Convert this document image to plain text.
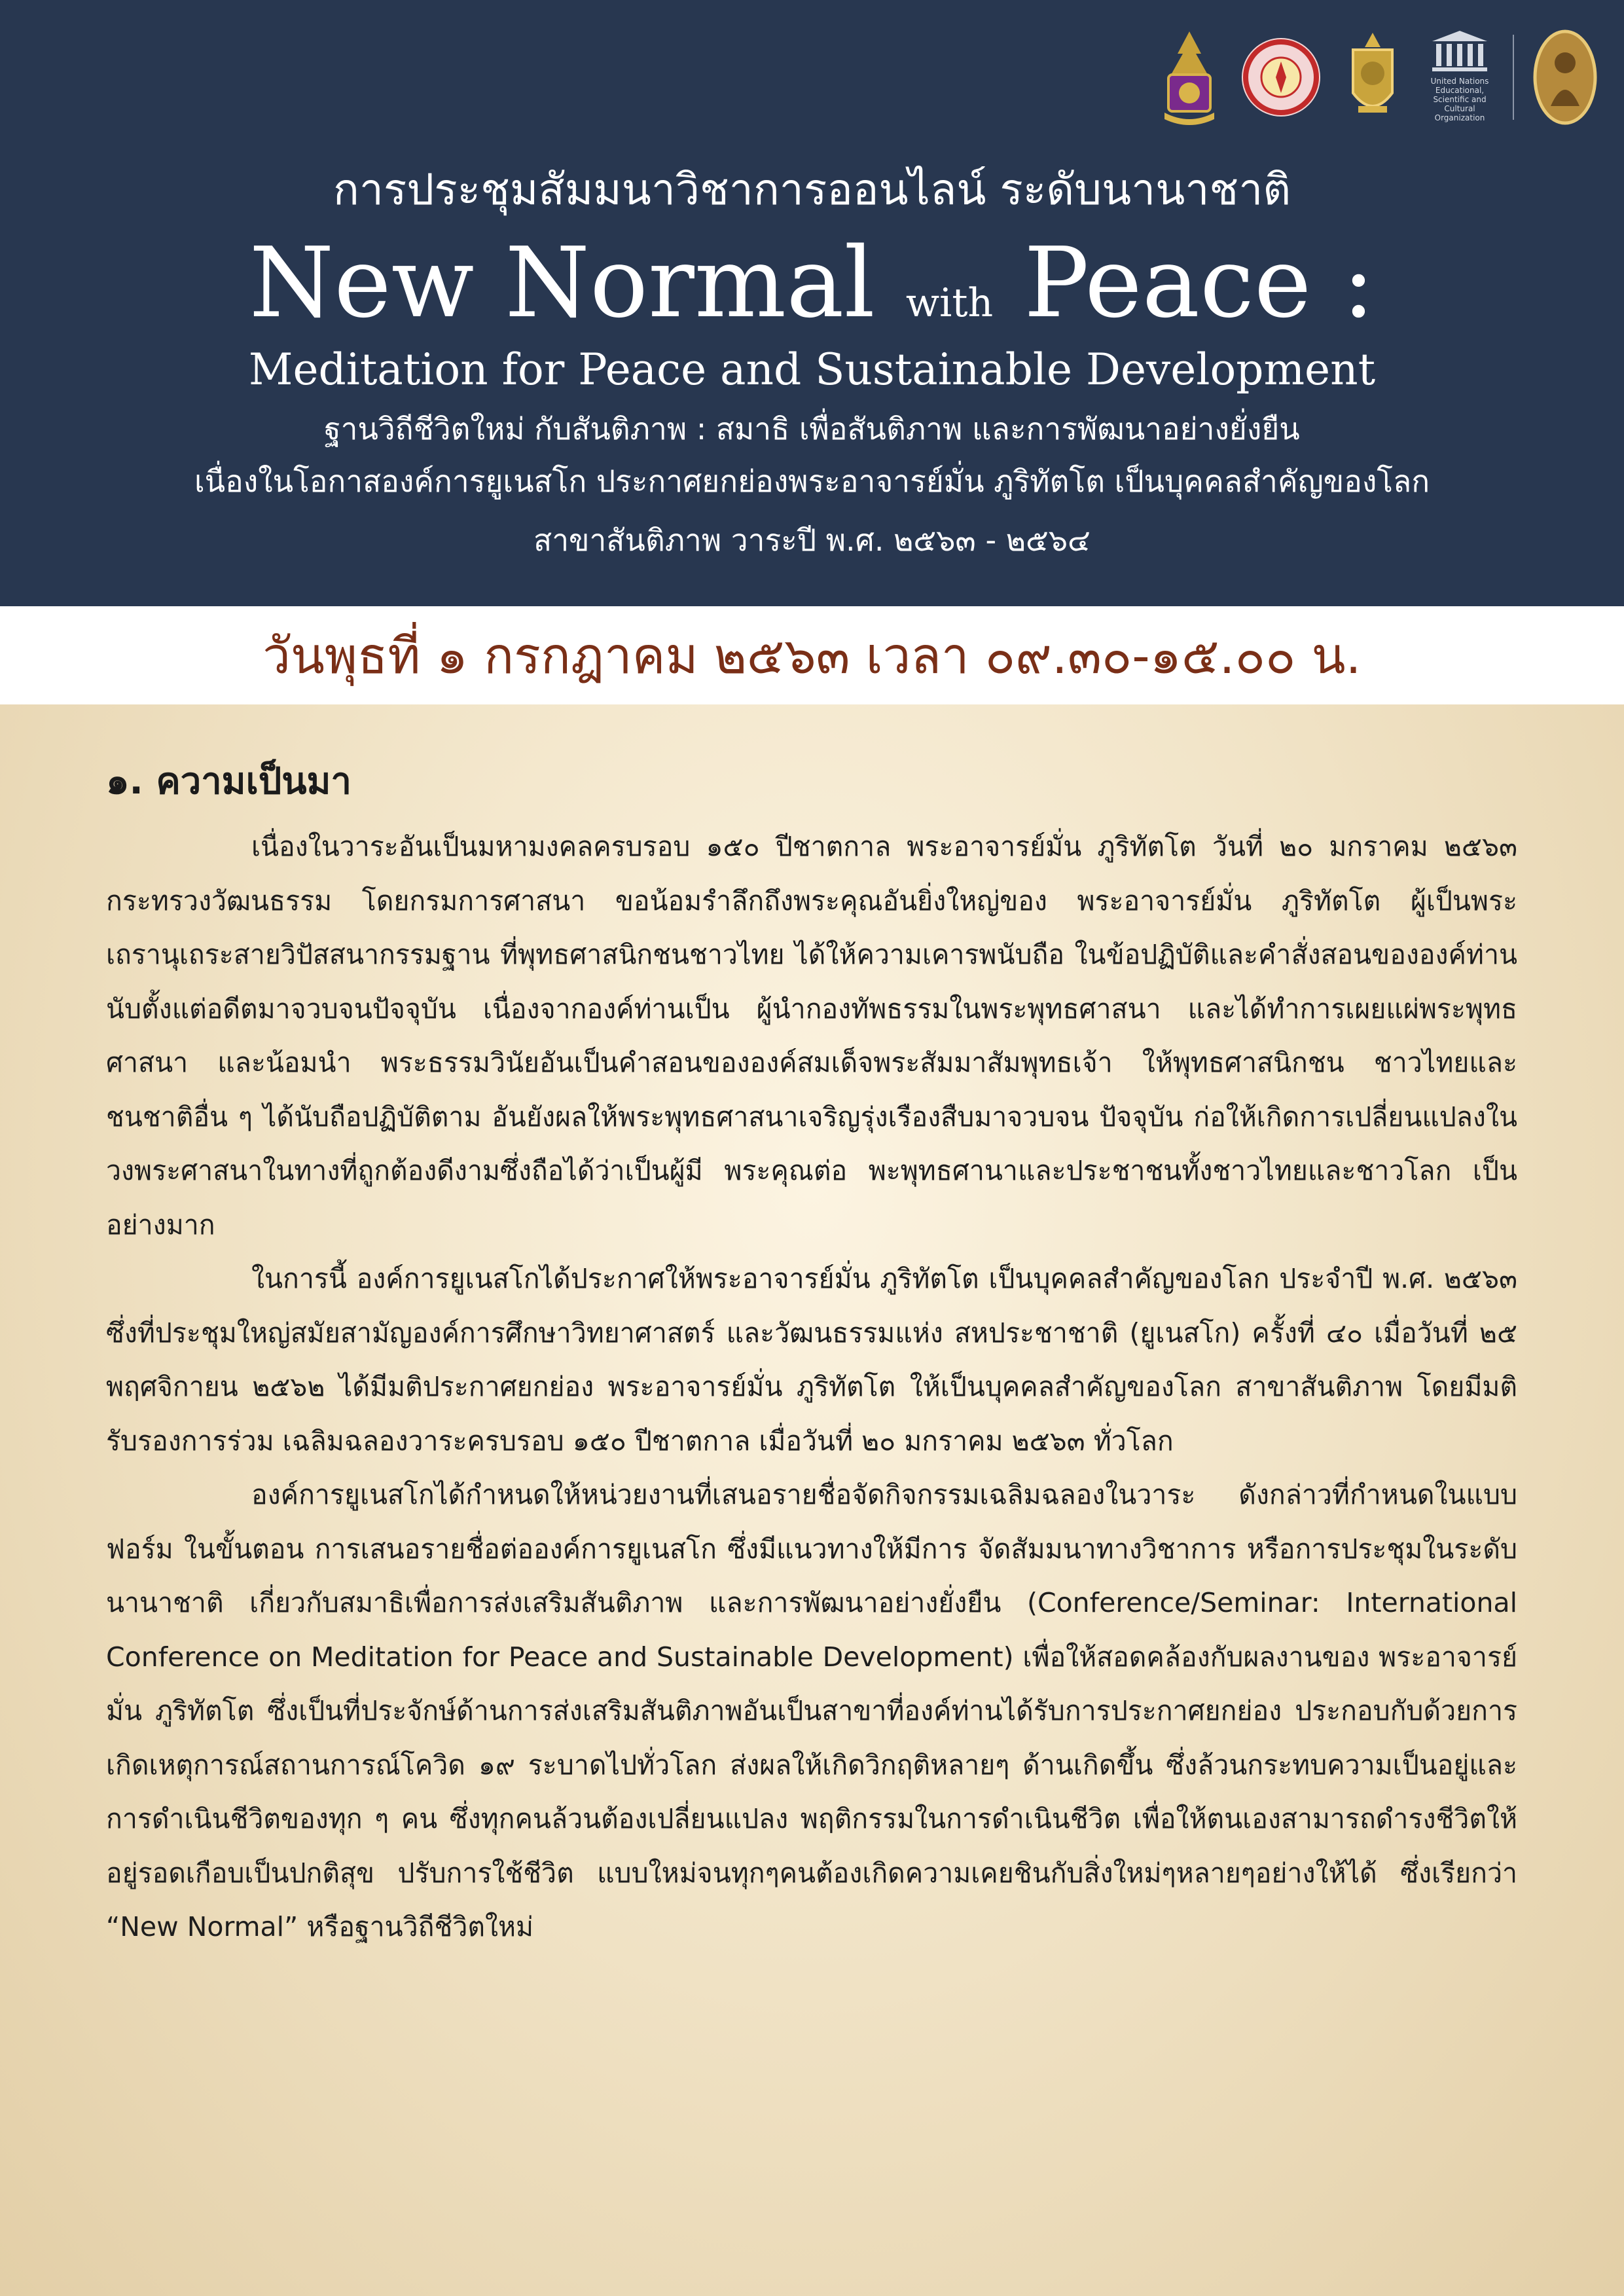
United Nations Educational, Scientific and Cultural Organization
การประชุมสัมมนาวิชาการออนไลน์ ระดับนานาชาติ
New Normal with Peace :
Meditation for Peace and Sustainable Development
ฐานวิถีชีวิตใหม่ กับสันติภาพ : สมาธิ เพื่อสันติภาพ และการพัฒนาอย่างยั่งยืน
เนื่องในโอกาสองค์การยูเนสโก ประกาศยกย่องพระอาจารย์มั่น ภูริทัตโต เป็นบุคคลสำคัญของโลก
สาขาสันติภาพ วาระปี พ.ศ. ๒๕๖๓ - ๒๕๖๔
วันพุธที่ ๑ กรกฎาคม ๒๕๖๓ เวลา ๐๙.๓๐-๑๕.๐๐ น.
๑. ความเป็นมา

เนื่องในวาระอันเป็นมหามงคลครบรอบ ๑๕๐ ปีชาตกาล พระอาจารย์มั่น ภูริทัตโต วันที่ ๒๐ มกราคม ๒๕๖๓ กระทรวงวัฒนธรรม โดยกรมการศาสนา ขอน้อมรำลึกถึงพระคุณอันยิ่งใหญ่ของ พระอาจารย์มั่น ภูริทัตโต ผู้เป็นพระเถรานุเถระสายวิปัสสนากรรมฐาน ที่พุทธศาสนิกชนชาวไทย ได้ให้ความเคารพนับถือ ในข้อปฏิบัติและคำสั่งสอนขององค์ท่าน นับตั้งแต่อดีตมาจวบจนปัจจุบัน เนื่องจากองค์ท่านเป็น ผู้นำกองทัพธรรมในพระพุทธศาสนา และได้ทำการเผยแผ่พระพุทธศาสนา และน้อมนำ พระธรรมวินัยอันเป็นคำสอนขององค์สมเด็จพระสัมมาสัมพุทธเจ้า ให้พุทธศาสนิกชน ชาวไทยและชนชาติอื่น ๆ ได้นับถือปฏิบัติตาม อันยังผลให้พระพุทธศาสนาเจริญรุ่งเรืองสืบมาจวบจน ปัจจุบัน ก่อให้เกิดการเปลี่ยนแปลงในวงพระศาสนาในทางที่ถูกต้องดีงามซึ่งถือได้ว่าเป็นผู้มี พระคุณต่อ พะพุทธศานาและประชาชนทั้งชาวไทยและชาวโลก เป็นอย่างมาก

ในการนี้ องค์การยูเนสโกได้ประกาศให้พระอาจารย์มั่น ภูริทัตโต เป็นบุคคลสำคัญของโลก ประจำปี พ.ศ. ๒๕๖๓ ซึ่งที่ประชุมใหญ่สมัยสามัญองค์การศึกษาวิทยาศาสตร์ และวัฒนธรรมแห่ง สหประชาชาติ (ยูเนสโก) ครั้งที่ ๔๐ เมื่อวันที่ ๒๕ พฤศจิกายน ๒๕๖๒ ได้มีมติประกาศยกย่อง พระอาจารย์มั่น ภูริทัตโต ให้เป็นบุคคลสำคัญของโลก สาขาสันติภาพ โดยมีมติรับรองการร่วม เฉลิมฉลองวาระครบรอบ ๑๕๐ ปีชาตกาล เมื่อวันที่ ๒๐ มกราคม ๒๕๖๓ ทั่วโลก

องค์การยูเนสโกได้กำหนดให้หน่วยงานที่เสนอรายชื่อจัดกิจกรรมเฉลิมฉลองในวาระ ดังกล่าวที่กำหนดในแบบฟอร์ม ในขั้นตอน การเสนอรายชื่อต่อองค์การยูเนสโก ซึ่งมีแนวทางให้มีการ จัดสัมมนาทางวิชาการ หรือการประชุมในระดับนานาชาติ เกี่ยวกับสมาธิเพื่อการส่งเสริมสันติภาพ และการพัฒนาอย่างยั่งยืน (Conference/Seminar: International Conference on Meditation for Peace and Sustainable Development) เพื่อให้สอดคล้องกับผลงานของ พระอาจารย์มั่น ภูริทัตโต ซึ่งเป็นที่ประจักษ์ด้านการส่งเสริมสันติภาพอันเป็นสาขาที่องค์ท่านได้รับการประกาศยกย่อง ประกอบกับด้วยการเกิดเหตุการณ์สถานการณ์โควิด ๑๙ ระบาดไปทั่วโลก ส่งผลให้เกิดวิกฤติหลายๆ ด้านเกิดขึ้น ซึ่งล้วนกระทบความเป็นอยู่และการดำเนินชีวิตของทุก ๆ คน ซึ่งทุกคนล้วนต้องเปลี่ยนแปลง พฤติกรรมในการดำเนินชีวิต เพื่อให้ตนเองสามารถดำรงชีวิตให้อยู่รอดเกือบเป็นปกติสุข ปรับการใช้ชีวิต แบบใหม่จนทุกๆคนต้องเกิดความเคยชินกับสิ่งใหม่ๆหลายๆอย่างให้ได้ ซึ่งเรียกว่า “New Normal” หรือฐานวิถีชีวิตใหม่
